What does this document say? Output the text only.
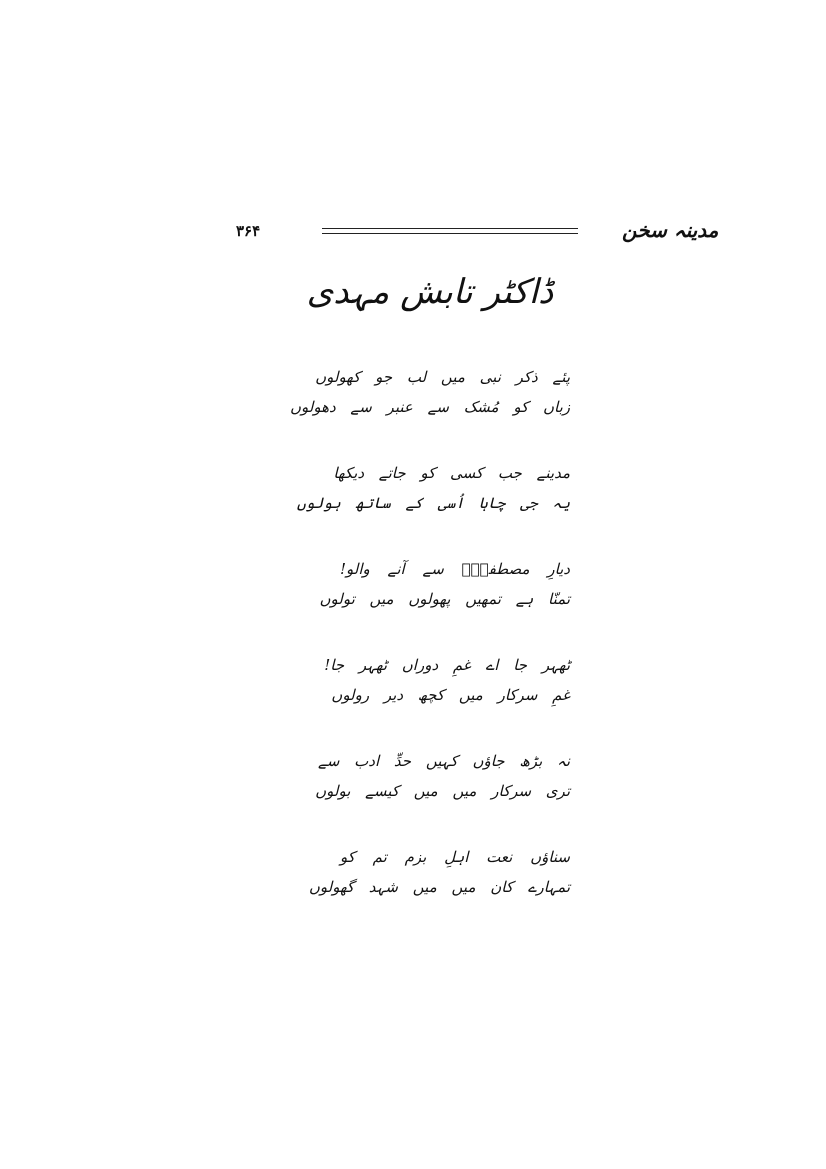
۳۶۴	مدینہ سخن
ڈاکٹر تابش مہدی
پئے ذکر نبی میں لب جو کھولوں
زباں کو مُشک سے عنبر سے دھولوں
مدینے جب کسی کو جاتے دیکھا
یہ جی چاہا اُسی کے ساتھ ہولوں
دیارِ مصطفیٰؐ سے آنے والو!
تمنّا ہے تمھیں پھولوں میں تولوں
ٹھہر جا اے غمِ دوراں ٹھہر جا!
غمِ سرکار میں کچھ دیر رولوں
نہ بڑھ جاؤں کہیں حدِّ ادب سے
تری سرکار میں میں کیسے بولوں
سناؤں نعت اہلِ بزم تم کو
تمہارے کان میں میں شہد گھولوں
